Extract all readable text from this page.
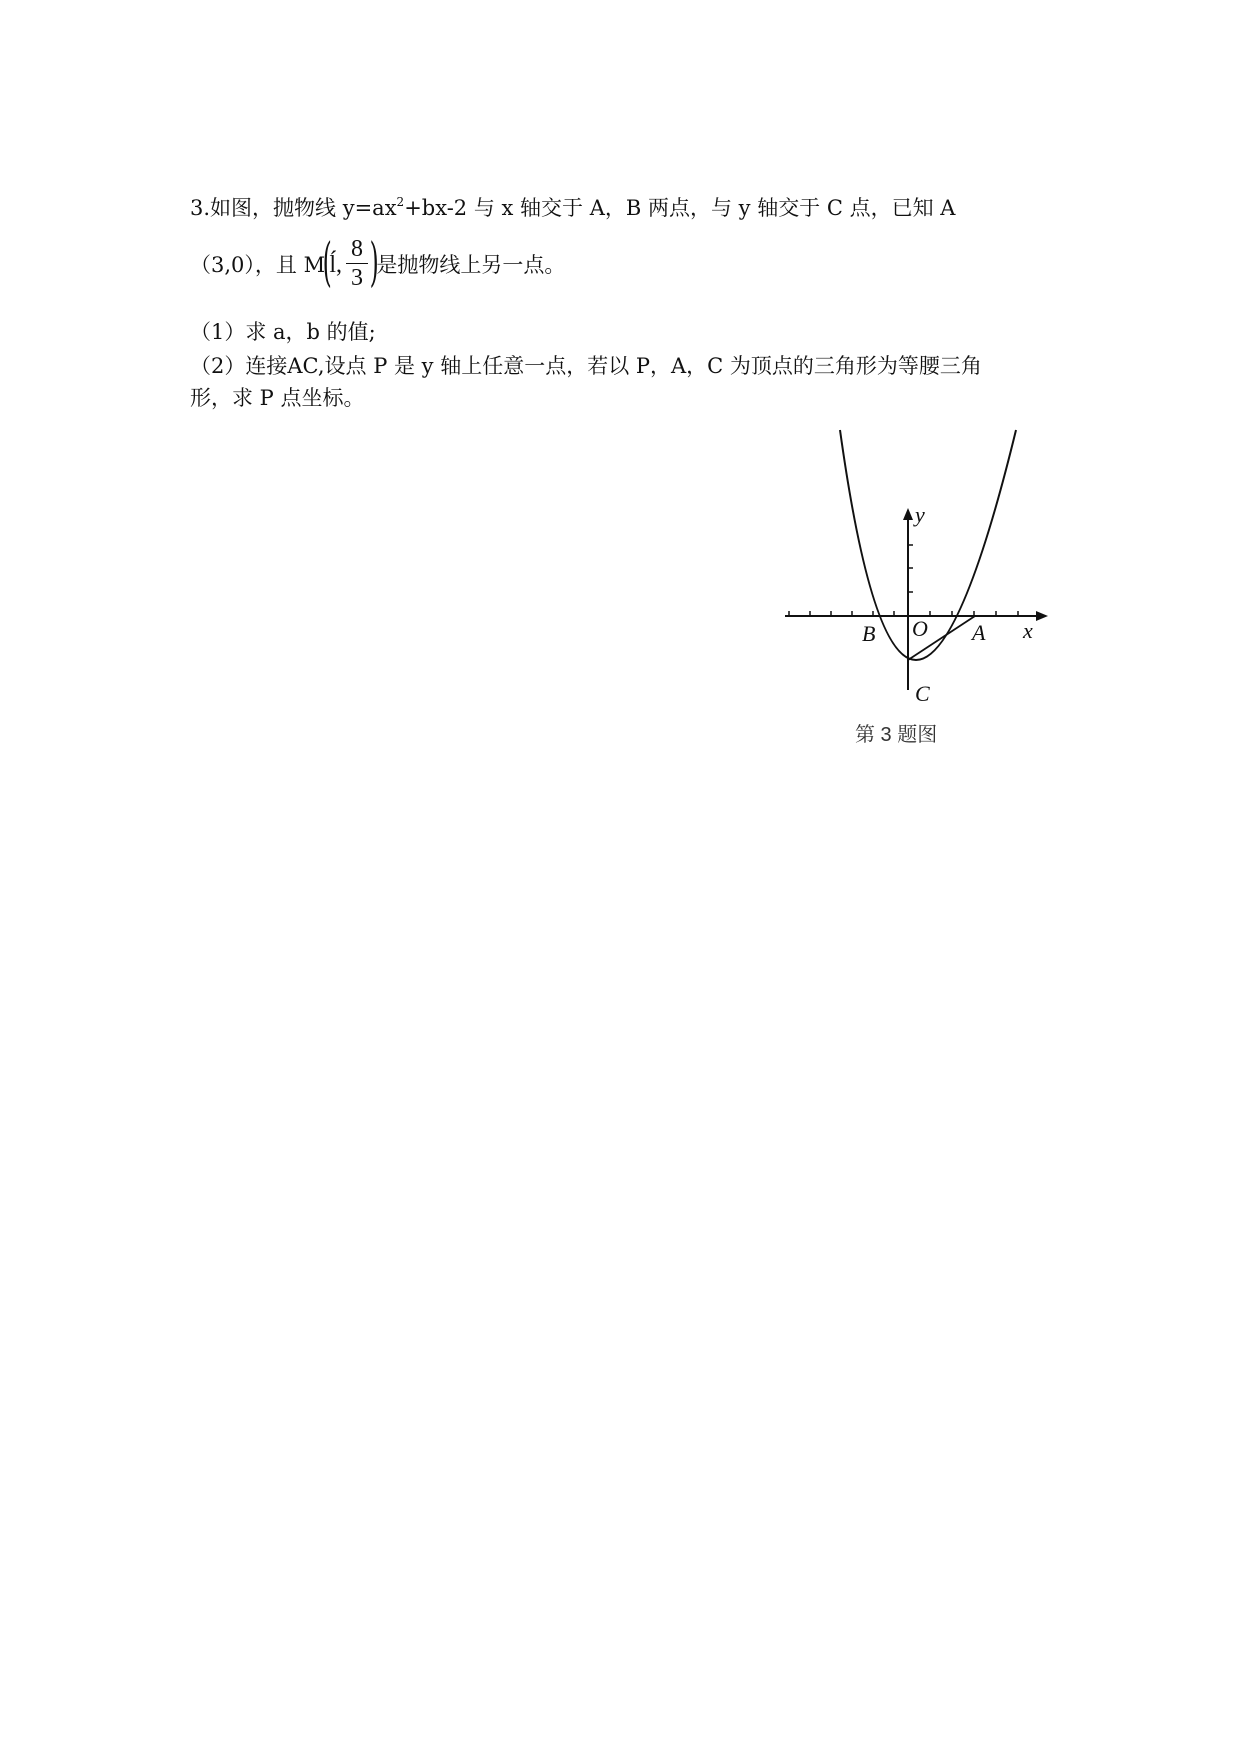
3.如图，抛物线 $y=ax^2+bx-2$ 与 x 轴交于 A，B 两点，与 y 轴交于 C 点，已知 A
（3,0），且 M(ĺ, $\frac{8}{3}$ )是抛物线上另一点。
（1）求 a，b 的值;
（2）连接AC,设点 P 是 y 轴上任意一点，若以 P，A，C 为顶点的三角形为等腰三角
形，求 P 点坐标。
y
x
B O A
C
第 3 题图
